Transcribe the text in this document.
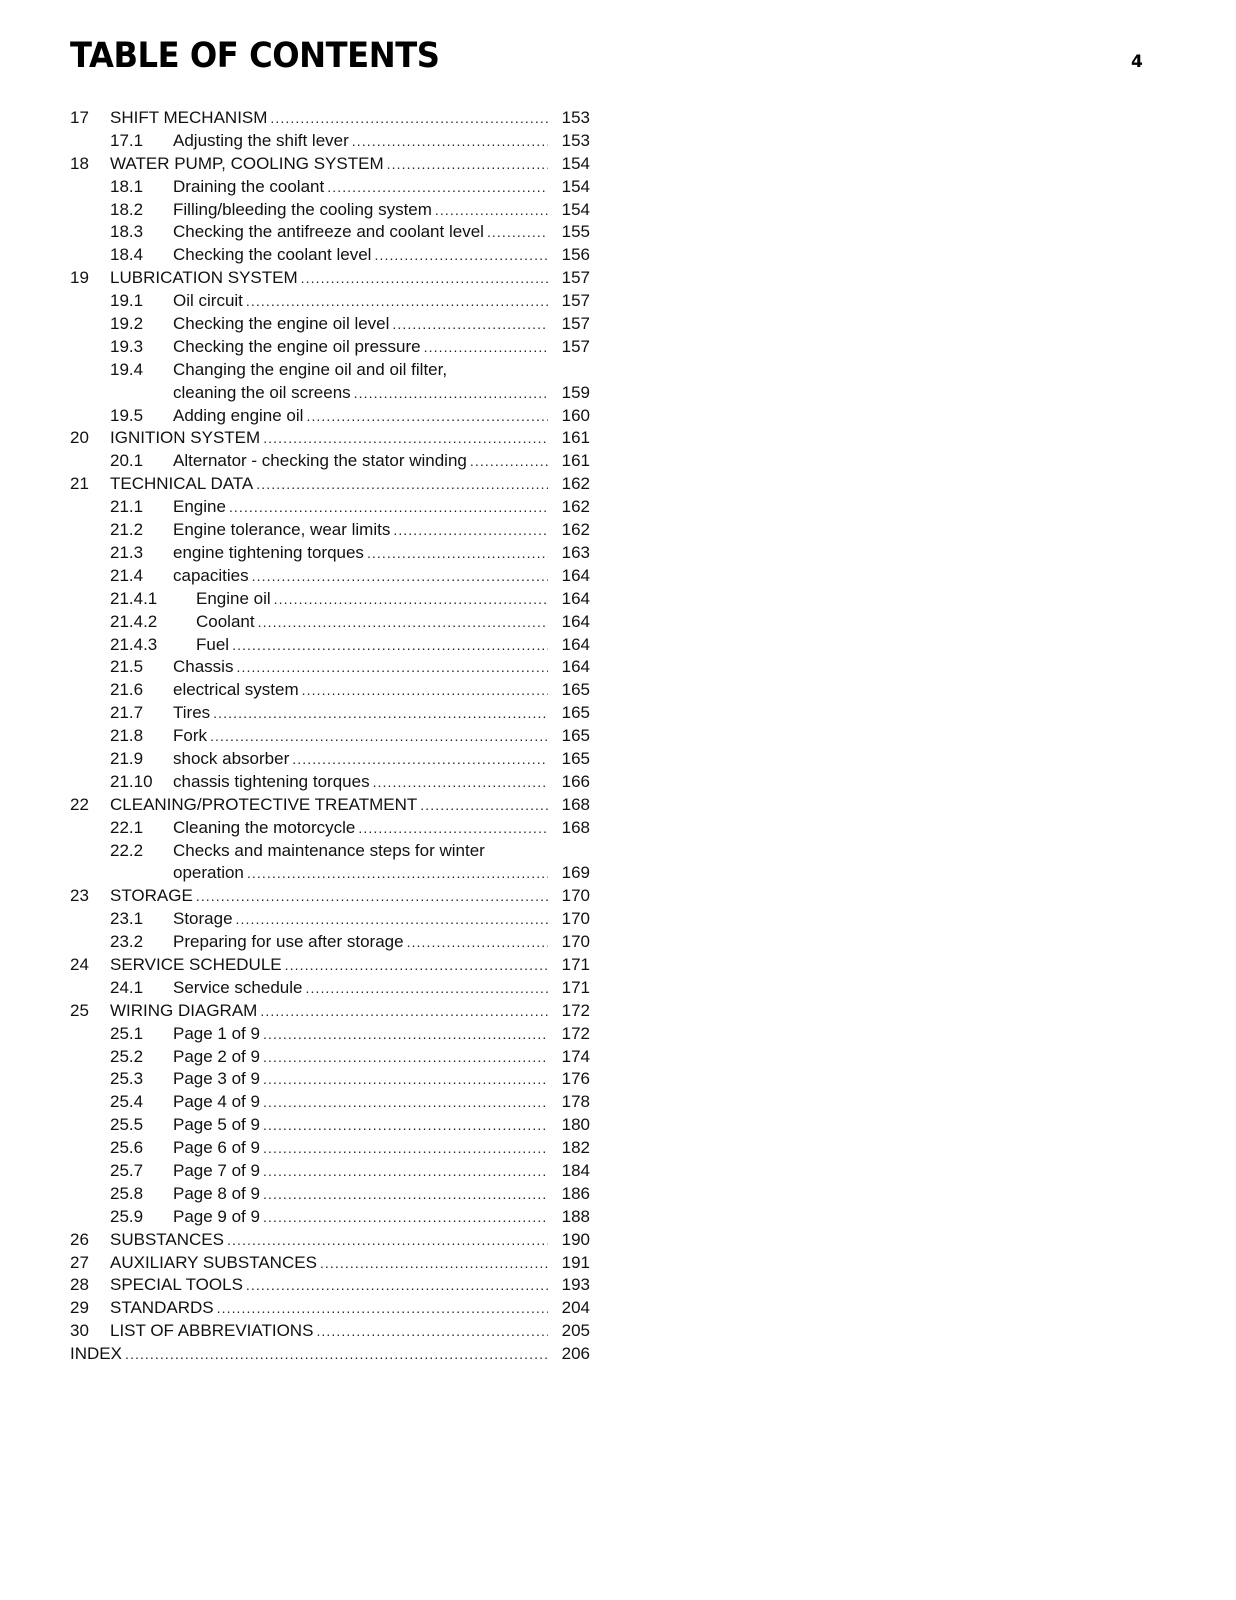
TABLE OF CONTENTS	4
17 SHIFT MECHANISM .....	153
17.1 Adjusting the shift lever .....	153
18 WATER PUMP, COOLING SYSTEM .....	154
18.1 Draining the coolant .....	154
18.2 Filling/bleeding the cooling system .....	154
18.3 Checking the antifreeze and coolant level .....	155
18.4 Checking the coolant level .....	156
19 LUBRICATION SYSTEM .....	157
19.1 Oil circuit .....	157
19.2 Checking the engine oil level .....	157
19.3 Checking the engine oil pressure .....	157
19.4 Changing the engine oil and oil filter,
cleaning the oil screens .....	159
19.5 Adding engine oil .....	160
20 IGNITION SYSTEM .....	161
20.1 Alternator - checking the stator winding .....	161
21 TECHNICAL DATA .....	162
21.1 Engine .....	162
21.2 Engine tolerance, wear limits .....	162
21.3 engine tightening torques .....	163
21.4 capacities .....	164
21.4.1 Engine oil .....	164
21.4.2 Coolant .....	164
21.4.3 Fuel .....	164
21.5 Chassis .....	164
21.6 electrical system .....	165
21.7 Tires .....	165
21.8 Fork .....	165
21.9 shock absorber .....	165
21.10 chassis tightening torques .....	166
22 CLEANING/PROTECTIVE TREATMENT .....	168
22.1 Cleaning the motorcycle .....	168
22.2 Checks and maintenance steps for winter
operation .....	169
23 STORAGE .....	170
23.1 Storage .....	170
23.2 Preparing for use after storage .....	170
24 SERVICE SCHEDULE .....	171
24.1 Service schedule .....	171
25 WIRING DIAGRAM .....	172
25.1 Page 1 of 9 .....	172
25.2 Page 2 of 9 .....	174
25.3 Page 3 of 9 .....	176
25.4 Page 4 of 9 .....	178
25.5 Page 5 of 9 .....	180
25.6 Page 6 of 9 .....	182
25.7 Page 7 of 9 .....	184
25.8 Page 8 of 9 .....	186
25.9 Page 9 of 9 .....	188
26 SUBSTANCES .....	190
27 AUXILIARY SUBSTANCES .....	191
28 SPECIAL TOOLS .....	193
29 STANDARDS .....	204
30 LIST OF ABBREVIATIONS .....	205
INDEX .....	206
